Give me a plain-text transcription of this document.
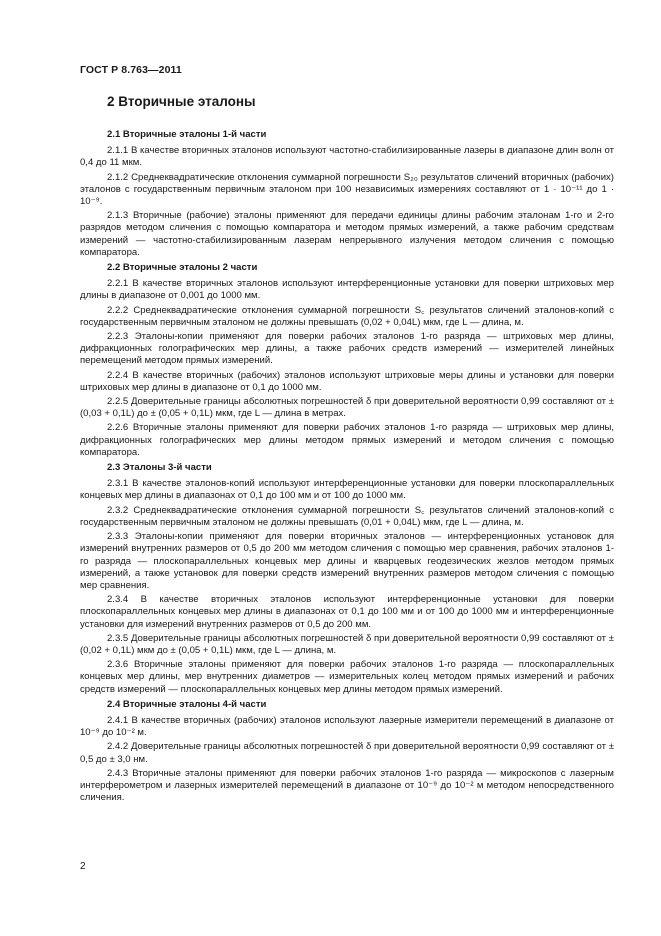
ГОСТ Р 8.763—2011
2 Вторичные эталоны
2.1 Вторичные эталоны 1-й части
2.1.1 В качестве вторичных эталонов используют частотно-стабилизированные лазеры в диапазоне длин волн от 0,4 до 11 мкм.
2.1.2 Среднеквадратические отклонения суммарной погрешности S₂₀ результатов сличений вторичных (рабочих) эталонов с государственным первичным эталоном при 100 независимых измерениях составляют от 1 · 10⁻¹¹ до 1 · 10⁻⁹.
2.1.3 Вторичные (рабочие) эталоны применяют для передачи единицы длины рабочим эталонам 1-го и 2-го разрядов методом сличения с помощью компаратора и методом прямых измерений, а также рабочим средствам измерений — частотно-стабилизированным лазерам непрерывного излучения методом сличения с помощью компаратора.
2.2 Вторичные эталоны 2 части
2.2.1 В качестве вторичных эталонов используют интерференционные установки для поверки штриховых мер длины в диапазоне от 0,001 до 1000 мм.
2.2.2 Среднеквадратические отклонения суммарной погрешности S꜀ результатов сличений эталонов-копий с государственным первичным эталоном не должны превышать (0,02 + 0,04L) мкм, где L — длина, м.
2.2.3 Эталоны-копии применяют для поверки рабочих эталонов 1-го разряда — штриховых мер длины, дифракционных голографических мер длины, а также рабочих средств измерений — измерителей линейных перемещений методом прямых измерений.
2.2.4 В качестве вторичных (рабочих) эталонов используют штриховые меры длины и установки для поверки штриховых мер длины в диапазоне от 0,1 до 1000 мм.
2.2.5 Доверительные границы абсолютных погрешностей δ при доверительной вероятности 0,99 составляют от ± (0,03 + 0,1L) до ± (0,05 + 0,1L) мкм, где L — длина в метрах.
2.2.6 Вторичные эталоны применяют для поверки рабочих эталонов 1-го разряда — штриховых мер длины, дифракционных голографических мер длины методом прямых измерений и методом сличения с помощью компаратора.
2.3 Эталоны 3-й части
2.3.1 В качестве эталонов-копий используют интерференционные установки для поверки плоскопараллельных концевых мер длины в диапазонах от 0,1 до 100 мм и от 100 до 1000 мм.
2.3.2 Среднеквадратические отклонения суммарной погрешности S꜀ результатов сличений эталонов-копий с государственным первичным эталоном не должны превышать (0,01 + 0,04L) мкм, где L — длина, м.
2.3.3 Эталоны-копии применяют для поверки вторичных эталонов — интерференционных установок для измерений внутренних размеров от 0,5 до 200 мм методом сличения с помощью мер сравнения, рабочих эталонов 1-го разряда — плоскопараллельных концевых мер длины и кварцевых геодезических жезлов методом прямых измерений, а также установок для поверки средств измерений внутренних размеров методом сличения с помощью мер сравнения.
2.3.4 В качестве вторичных эталонов используют интерференционные установки для поверки плоскопараллельных концевых мер длины в диапазонах от 0,1 до 100 мм и от 100 до 1000 мм и интерференционные установки для измерений внутренних размеров от 0,5 до 200 мм.
2.3.5 Доверительные границы абсолютных погрешностей δ при доверительной вероятности 0,99 составляют от ± (0,02 + 0,1L) мкм до ± (0,05 + 0,1L) мкм, где L — длина, м.
2.3.6 Вторичные эталоны применяют для поверки рабочих эталонов 1-го разряда — плоскопараллельных концевых мер длины, мер внутренних диаметров — измерительных колец методом прямых измерений и рабочих средств измерений — плоскопараллельных концевых мер длины методом прямых измерений.
2.4 Вторичные эталоны 4-й части
2.4.1 В качестве вторичных (рабочих) эталонов используют лазерные измерители перемещений в диапазоне от 10⁻⁹ до 10⁻² м.
2.4.2 Доверительные границы абсолютных погрешностей δ при доверительной вероятности 0,99 составляют от ± 0,5 до ± 3,0 нм.
2.4.3 Вторичные эталоны применяют для поверки рабочих эталонов 1-го разряда — микроскопов с лазерным интерферометром и лазерных измерителей перемещений в диапазоне от 10⁻⁹ до 10⁻² м методом непосредственного сличения.
2
